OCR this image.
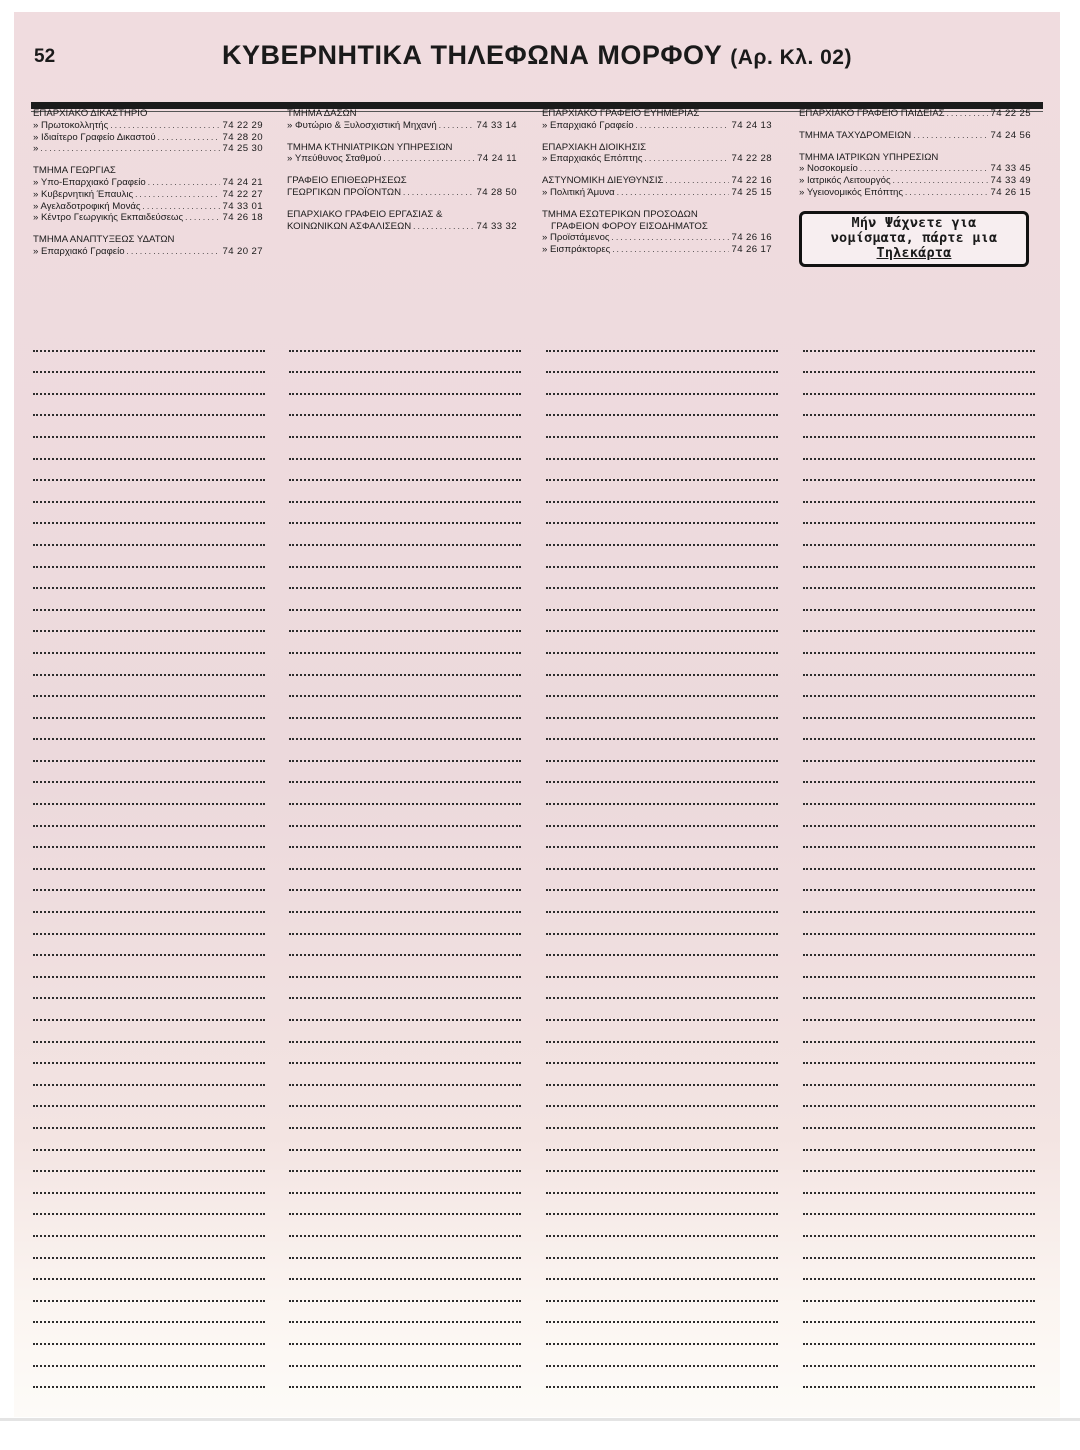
52	ΚΥΒΕΡΝΗΤΙΚΑ ΤΗΛΕΦΩΝΑ ΜΟΡΦΟΥ (Αρ. Κλ. 02)
ΕΠΑΡΧΙΑΚΟ ΔΙΚΑΣΤΗΡΙΟ
» Πρωτοκολλητής . . .	74 22 29
» Ιδιαίτερο Γραφείο Δικαστού . . .	74 28 20
» . . .	74 25 30
ΤΜΗΜΑ ΓΕΩΡΓΙΑΣ
» Υπο-Επαρχιακό Γραφείο . . .	74 24 21
» Κυβερνητική Έπαυλις . . .	74 22 27
» Αγελαδοτροφική Μονάς . . .	74 33 01
» Κέντρο Γεωργικής Εκπαιδεύσεως . . .	74 26 18
ΤΜΗΜΑ ΑΝΑΠΤΥΞΕΩΣ ΥΔΑΤΩΝ
» Επαρχιακό Γραφείο . . .	74 20 27
ΤΜΗΜΑ ΔΑΣΩΝ
» Φυτώριο & Ξυλοσχιστική Μηχανή . . .	74 33 14
ΤΜΗΜΑ ΚΤΗΝΙΑΤΡΙΚΩΝ ΥΠΗΡΕΣΙΩΝ
» Υπεύθυνος Σταθμού . . .	74 24 11
ΓΡΑΦΕΙΟ ΕΠΙΘΕΩΡΗΣΕΩΣ
ΓΕΩΡΓΙΚΩΝ ΠΡΟΪΟΝΤΩΝ . . .	74 28 50
ΕΠΑΡΧΙΑΚΟ ΓΡΑΦΕΙΟ ΕΡΓΑΣΙΑΣ &
ΚΟΙΝΩΝΙΚΩΝ ΑΣΦΑΛΙΣΕΩΝ . . .	74 33 32
ΕΠΑΡΧΙΑΚΟ ΓΡΑΦΕΙΟ ΕΥΗΜΕΡΙΑΣ
» Επαρχιακό Γραφείο . . .	74 24 13
ΕΠΑΡΧΙΑΚΗ ΔΙΟΙΚΗΣΙΣ
» Επαρχιακός Επόπτης . . .	74 22 28
ΑΣΤΥΝΟΜΙΚΗ ΔΙΕΥΘΥΝΣΙΣ . . .	74 22 16
» Πολιτική Άμυνα . . .	74 25 15
ΤΜΗΜΑ ΕΣΩΤΕΡΙΚΩΝ ΠΡΟΣΟΔΩΝ
ΓΡΑΦΕΙΟΝ ΦΟΡΟΥ ΕΙΣΟΔΗΜΑΤΟΣ
» Προϊστάμενος . . .	74 26 16
» Εισπράκτορες . . .	74 26 17
ΕΠΑΡΧΙΑΚΟ ΓΡΑΦΕΙΟ ΠΑΙΔΕΙΑΣ . . .	74 22 25
ΤΜΗΜΑ ΤΑΧΥΔΡΟΜΕΙΩΝ . . .	74 24 56
ΤΜΗΜΑ ΙΑΤΡΙΚΩΝ ΥΠΗΡΕΣΙΩΝ
» Νοσοκομείο . . .	74 33 45
» Ιατρικός Λειτουργός . . .	74 33 49
» Υγειονομικός Επόπτης . . .	74 26 15
Μήν Ψάχνετε για
νομίσματα, πάρτε μια
Τηλεκάρτα
